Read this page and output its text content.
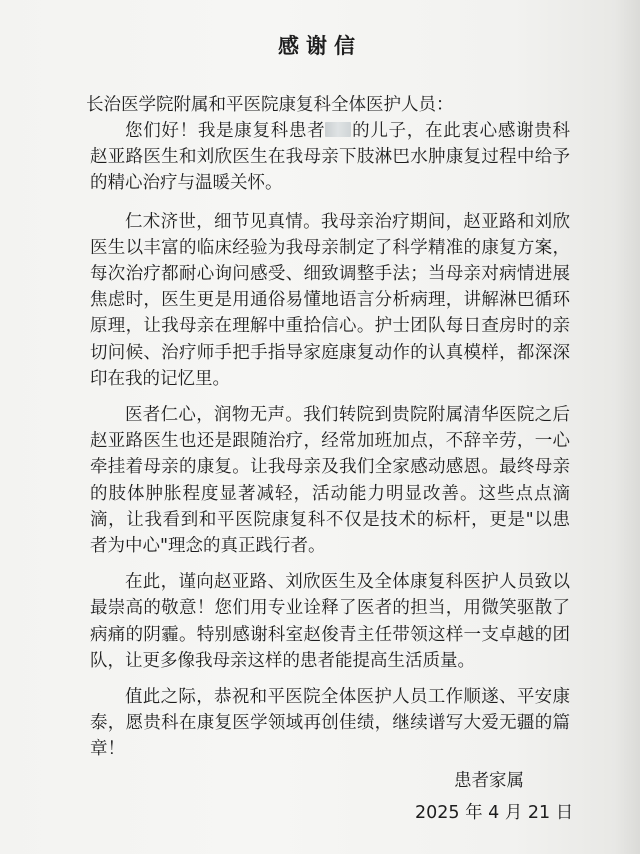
感谢信
长治医学院附属和平医院康复科全体医护人员：

您们好！我是康复科患者 的儿子，在此衷心感谢贵科赵亚路医生和刘欣医生在我母亲下肢淋巴水肿康复过程中给予的精心治疗与温暖关怀。

仁术济世，细节见真情。我母亲治疗期间，赵亚路和刘欣医生以丰富的临床经验为我母亲制定了科学精准的康复方案，每次治疗都耐心询问感受、细致调整手法；当母亲对病情进展焦虑时，医生更是用通俗易懂地语言分析病理，讲解淋巴循环原理，让我母亲在理解中重拾信心。护士团队每日查房时的亲切问候、治疗师手把手指导家庭康复动作的认真模样，都深深印在我的记忆里。

医者仁心，润物无声。我们转院到贵院附属清华医院之后赵亚路医生也还是跟随治疗，经常加班加点，不辞辛劳，一心牵挂着母亲的康复。让我母亲及我们全家感动感恩。最终母亲的肢体肿胀程度显著减轻，活动能力明显改善。这些点点滴滴，让我看到和平医院康复科不仅是技术的标杆，更是"以患者为中心"理念的真正践行者。

在此，谨向赵亚路、刘欣医生及全体康复科医护人员致以最崇高的敬意！您们用专业诠释了医者的担当，用微笑驱散了病痛的阴霾。特别感谢科室赵俊青主任带领这样一支卓越的团队，让更多像我母亲这样的患者能提高生活质量。

值此之际，恭祝和平医院全体医护人员工作顺遂、平安康泰，愿贵科在康复医学领域再创佳绩，继续谱写大爱无疆的篇章！

患者家属
2025 年 4 月 21 日
